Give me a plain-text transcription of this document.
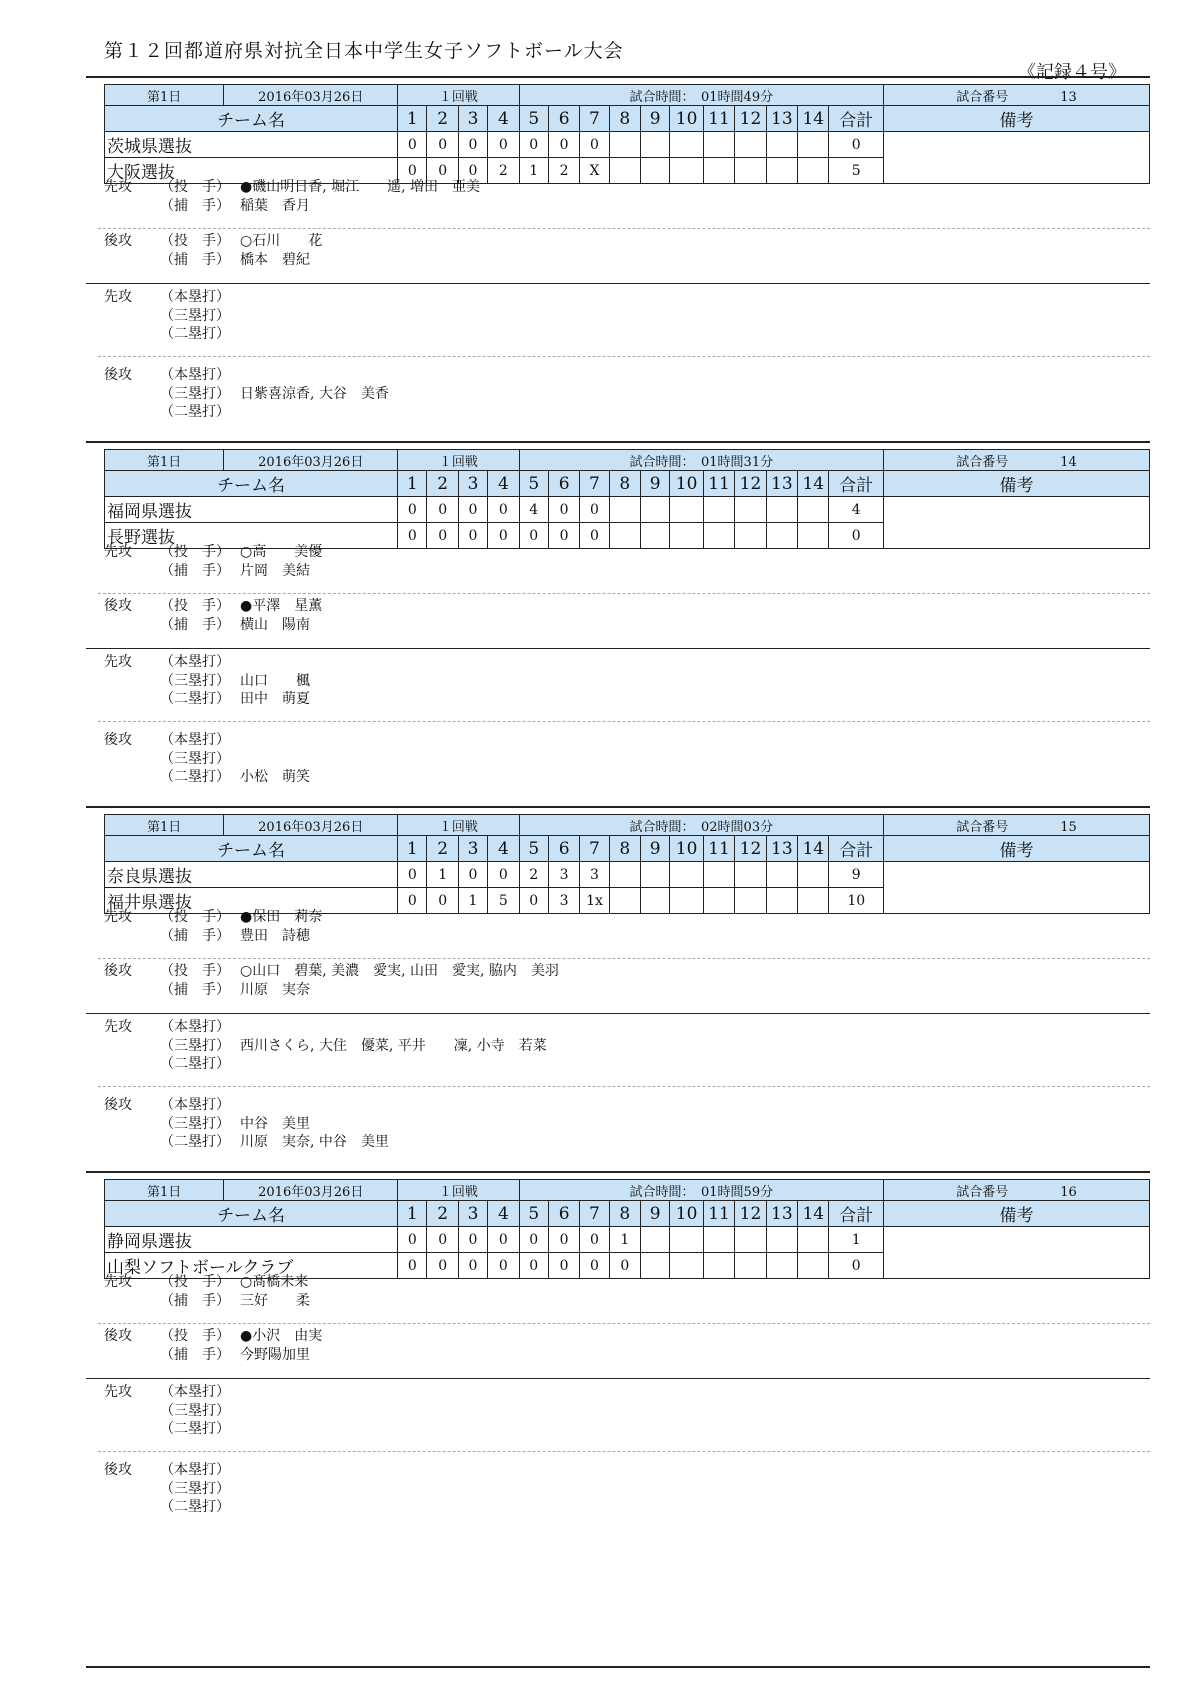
第１２回都道府県対抗全日本中学生女子ソフトボール大会
《記録４号》
第1日	2016年03月26日	１回戦				試合時間：　 01時間49分											試合番号　　　　 13
チーム名		1	2	3	4	5	6	7	8	9	10	11	12	13	14	合計	備考
茨城県選抜		0	0	0	0	0	0	0								0	
大阪選抜		0	0	0	2	1	2	X								5	
先攻	（投　手） ●磯山明日香, 堀江　　遥, 増田　亜美
（捕　手） 稲葉　香月
後攻	（投　手） ○石川　　花
（捕　手） 橋本　碧紀
先攻	（本塁打）
（三塁打）
（二塁打）
後攻	（本塁打）
（三塁打） 日紫喜涼香, 大谷　美香
（二塁打）
第1日	2016年03月26日	１回戦				試合時間：　 01時間31分											試合番号　　　　 14
チーム名		1	2	3	4	5	6	7	8	9	10	11	12	13	14	合計	備考
福岡県選抜		0	0	0	0	4	0	0								4	
長野選抜		0	0	0	0	0	0	0								0	
先攻	（投　手） ○高　　美優
（捕　手） 片岡　美結
後攻	（投　手） ●平澤　星薫
（捕　手） 横山　陽南
先攻	（本塁打）
（三塁打） 山口　　楓
（二塁打） 田中　萌夏
後攻	（本塁打）
（三塁打）
（二塁打） 小松　萌笑
第1日	2016年03月26日	１回戦				試合時間：　 02時間03分											試合番号　　　　 15
チーム名		1	2	3	4	5	6	7	8	9	10	11	12	13	14	合計	備考
奈良県選抜		0	1	0	0	2	3	3								9	
福井県選抜		0	0	1	5	0	3	1x								10	
先攻	（投　手） ●保田　莉奈
（捕　手） 豊田　詩穂
後攻	（投　手） ○山口　碧葉, 美濃　愛実, 山田　愛実, 脇内　美羽
（捕　手） 川原　実奈
先攻	（本塁打）
（三塁打） 西川さくら, 大住　優菜, 平井　　凜, 小寺　若菜
（二塁打）
後攻	（本塁打）
（三塁打） 中谷　美里
（二塁打） 川原　実奈, 中谷　美里
第1日	2016年03月26日	１回戦				試合時間：　 01時間59分											試合番号　　　　 16
チーム名		1	2	3	4	5	6	7	8	9	10	11	12	13	14	合計	備考
静岡県選抜		0	0	0	0	0	0	0	1							1	
山梨ソフトボールクラブ		0	0	0	0	0	0	0	0							0	
先攻	（投　手） ○髙橋未来
（捕　手） 三好　　柔
後攻	（投　手） ●小沢　由実
（捕　手） 今野陽加里
先攻	（本塁打）
（三塁打）
（二塁打）
後攻	（本塁打）
（三塁打）
（二塁打）
